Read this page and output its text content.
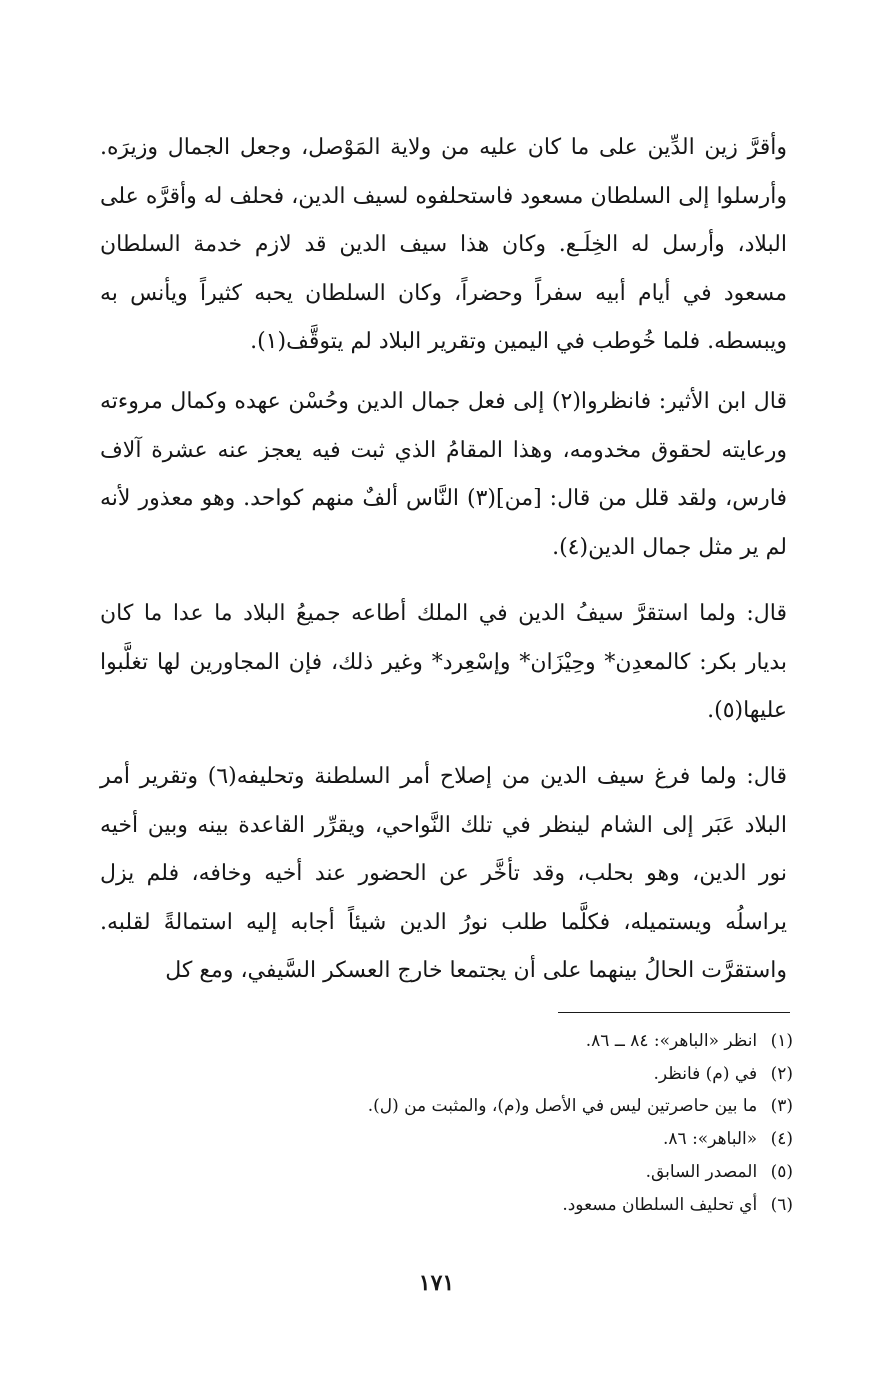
وأقرَّ زين الدِّين على ما كان عليه من ولاية المَوْصل، وجعل الجمال وزيرَه. وأرسلوا إلى السلطان مسعود فاستحلفوه لسيف الدين، فحلف له وأقرَّه على البلاد، وأرسل له الخِلَـع. وكان هذا سيف الدين قد لازم خدمة السلطان مسعود في أيام أبيه سفراً وحضراً، وكان السلطان يحبه كثيراً ويأنس به ويبسطه. فلما خُوطب في اليمين وتقرير البلاد لم يتوقَّف(١).

قال ابن الأثير: فانظروا(٢) إلى فعل جمال الدين وحُسْن عهده وكمال مروءته ورعايته لحقوق مخدومه، وهذا المقامُ الذي ثبت فيه يعجز عنه عشرة آلاف فارس، ولقد قلل من قال: [من](٣) النَّاس ألفٌ منهم كواحد. وهو معذور لأنه لم ير مثل جمال الدين(٤).

قال: ولما استقرَّ سيفُ الدين في الملك أطاعه جميعُ البلاد ما عدا ما كان بديار بكر: كالمعدِن* وحِيْزَان* وإسْعِرد* وغير ذلك، فإن المجاورين لها تغلَّبوا عليها(٥).

قال: ولما فرغ سيف الدين من إصلاح أمر السلطنة وتحليفه(٦) وتقرير أمر البلاد عَبَر إلى الشام لينظر في تلك النَّواحي، ويقرِّر القاعدة بينه وبين أخيه نور الدين، وهو بحلب، وقد تأخَّر عن الحضور عند أخيه وخافه، فلم يزل يراسلُه ويستميله، فكلَّما طلب نورُ الدين شيئاً أجابه إليه استمالةً لقلبه. واستقرَّت الحالُ بينهما على أن يجتمعا خارج العسكر السَّيفي، ومع كل

(١) انظر «الباهر»: ٨٤ ــ ٨٦.
(٢) في (م) فانظر.
(٣) ما بين حاصرتين ليس في الأصل و(م)، والمثبت من (ل).
(٤) «الباهر»: ٨٦.
(٥) المصدر السابق.
(٦) أي تحليف السلطان مسعود.
١٧١
